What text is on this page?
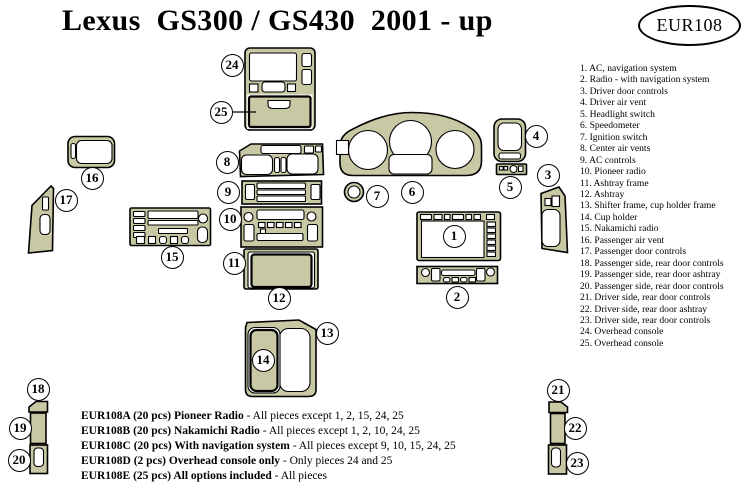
Lexus  GS300 / GS430  2001 - up	EUR108
1
2
3
4
5
6
7
8
9
10
11
12
13
14
15
16
17
18
19
20
21
22
23
24
25
1. AC, navigation system
2. Radio - with navigation system
3. Driver door controls
4. Driver air vent
5. Headlight switch
6. Speedometer
7. Ignition switch
8. Center air vents
9. AC controls
10. Pioneer radio
11. Ashtray frame
12. Ashtray
13. Shifter frame, cup holder frame
14. Cup holder
15. Nakamichi radio
16. Passenger air vent
17. Passenger door controls
18. Passenger side, rear door controls
19. Passenger side, rear door ashtray
20. Passenger side, rear door controls
21. Driver side, rear door controls
22. Driver side, rear door ashtray
23. Driver side, rear door controls
24. Overhead console
25. Overhead console
EUR108A (20 pcs) Pioneer Radio - All pieces except 1, 2, 15, 24, 25
EUR108B (20 pcs) Nakamichi Radio - All pieces except 1, 2, 10, 24, 25
EUR108C (20 pcs) With navigation system - All pieces except 9, 10, 15, 24, 25
EUR108D (2 pcs) Overhead console only - Only pieces 24 and 25
EUR108E (25 pcs) All options included - All pieces
